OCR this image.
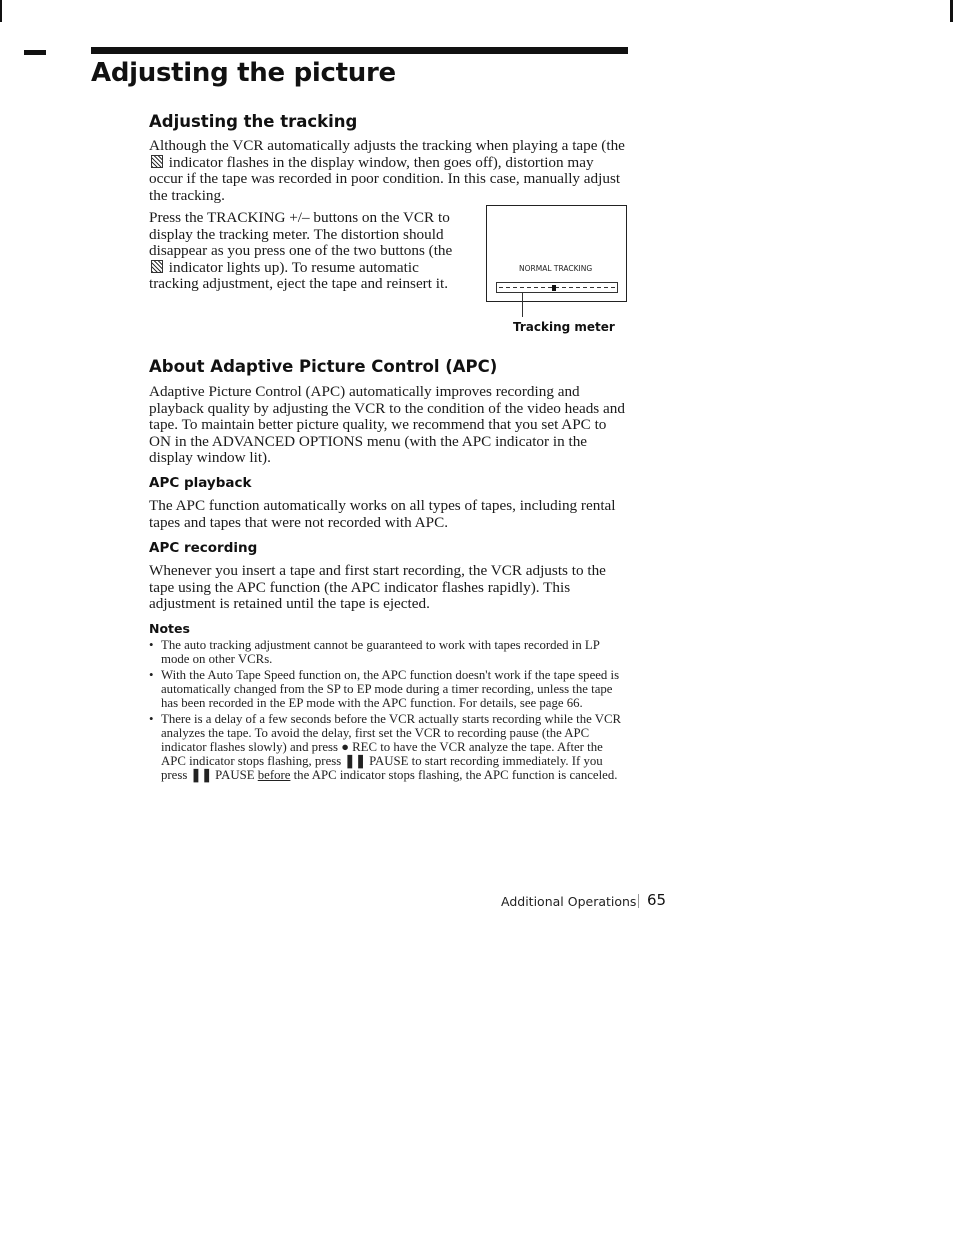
Adjusting the picture
Adjusting the tracking

Although the VCR automatically adjusts the tracking when playing a tape (the  indicator flashes in the display window, then goes off), distortion may occur if the tape was recorded in poor condition. In this case, manually adjust the tracking.

Press the TRACKING +/– buttons on the VCR to display the tracking meter. The distortion should disappear as you press one of the two buttons (the  indicator lights up). To resume automatic tracking adjustment, eject the tape and reinsert it.

NORMAL TRACKING
Tracking meter
About Adaptive Picture Control (APC)

Adaptive Picture Control (APC) automatically improves recording and playback quality by adjusting the VCR to the condition of the video heads and tape. To maintain better picture quality, we recommend that you set APC to ON in the ADVANCED OPTIONS menu (with the APC indicator in the display window lit).

APC playback

The APC function automatically works on all types of tapes, including rental tapes and tapes that were not recorded with APC.

APC recording

Whenever you insert a tape and first start recording, the VCR adjusts to the tape using the APC function (the APC indicator flashes rapidly). This adjustment is retained until the tape is ejected.

Notes
• The auto tracking adjustment cannot be guaranteed to work with tapes recorded in LP mode on other VCRs.
• With the Auto Tape Speed function on, the APC function doesn't work if the tape speed is automatically changed from the SP to EP mode during a timer recording, unless the tape has been recorded in the EP mode with the APC function. For details, see page 66.
• There is a delay of a few seconds before the VCR actually starts recording while the VCR analyzes the tape. To avoid the delay, first set the VCR to recording pause (the APC indicator flashes slowly) and press ● REC to have the VCR analyze the tape. After the APC indicator stops flashing, press ❚❚ PAUSE to start recording immediately. If you press ❚❚ PAUSE before the APC indicator stops flashing, the APC function is canceled.
Additional Operations 65
